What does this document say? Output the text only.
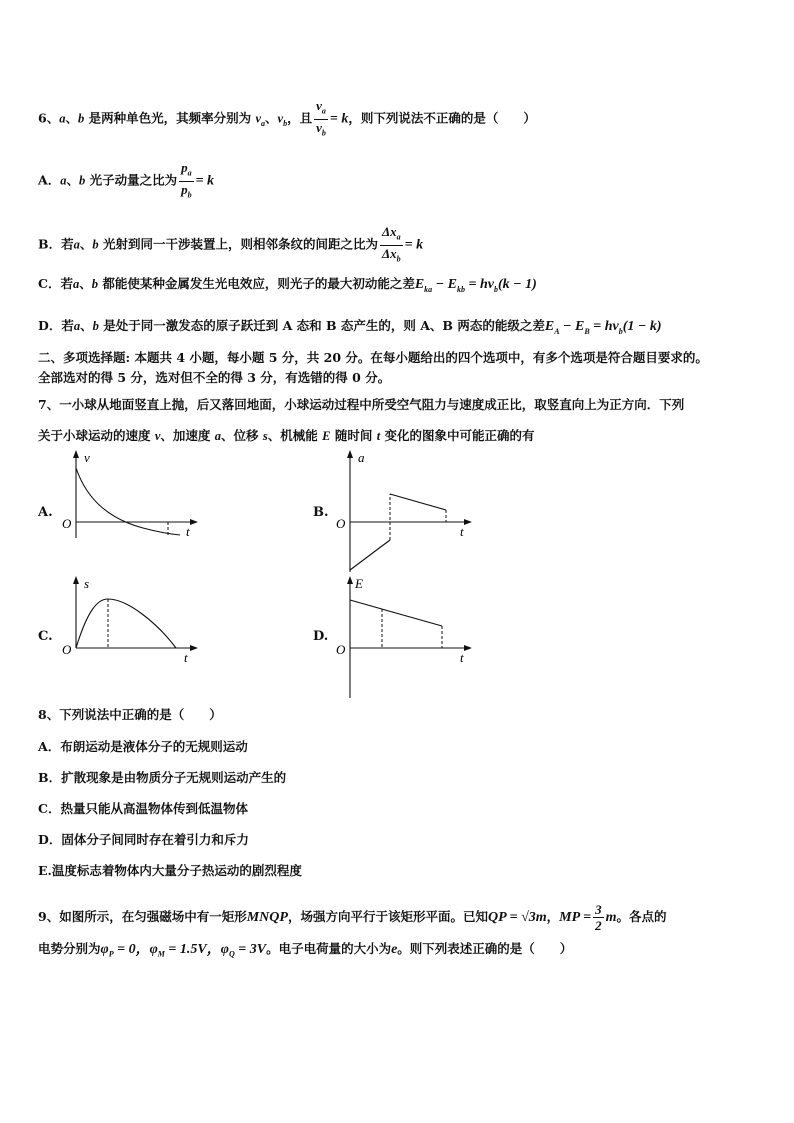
6、a、b 是两种单色光，其频率分别为 $\nu_a$、$\nu_b$，且 $\frac{\nu_a}{\nu_b} = k$，则下列说法不正确的是（　　）
A．a、b 光子动量之比为 $\frac{p_a}{p_b} = k$
B．若a、b 光射到同一干涉装置上，则相邻条纹的间距之比为 $\frac{\Delta x_a}{\Delta x_b} = k$
C．若a、b 都能使某种金属发生光电效应，则光子的最大初动能之差$E_{ka} - E_{kb} = h\nu_b(k - 1)$
D．若a、b 是处于同一激发态的原子跃迁到 A 态和 B 态产生的，则 A、B 两态的能级之差$E_A - E_B = h\nu_b(1 - k)$
二、多项选择题: 本题共 4 小题，每小题 5 分，共 20 分。在每小题给出的四个选项中，有多个选项是符合题目要求的。
全部选对的得 5 分，选对但不全的得 3 分，有选错的得 0 分。
7、一小球从地面竖直上抛，后又落回地面，小球运动过程中所受空气阻力与速度成正比，取竖直向上为正方向．下列
关于小球运动的速度 v、加速度 a、位移 s、机械能 E 随时间 t 变化的图象中可能正确的有
A.
v
O
t
B.
a
O
t
C.
s
O
t
D.
E
O
t
8、下列说法中正确的是（　　）
A．布朗运动是液体分子的无规则运动
B．扩散现象是由物质分子无规则运动产生的
C．热量只能从高温物体传到低温物体
D．固体分子间同时存在着引力和斥力
E.温度标志着物体内大量分子热运动的剧烈程度
9、如图所示，在匀强磁场中有一矩形MNQP，场强方向平行于该矩形平面。已知QP = √3m，MP = $\frac{3}{2}$ m。各点的
电势分别为$\varphi_P = 0$，$\varphi_M = 1.5V$，$\varphi_Q = 3V$。电子电荷量的大小为e。则下列表述正确的是（　　）
